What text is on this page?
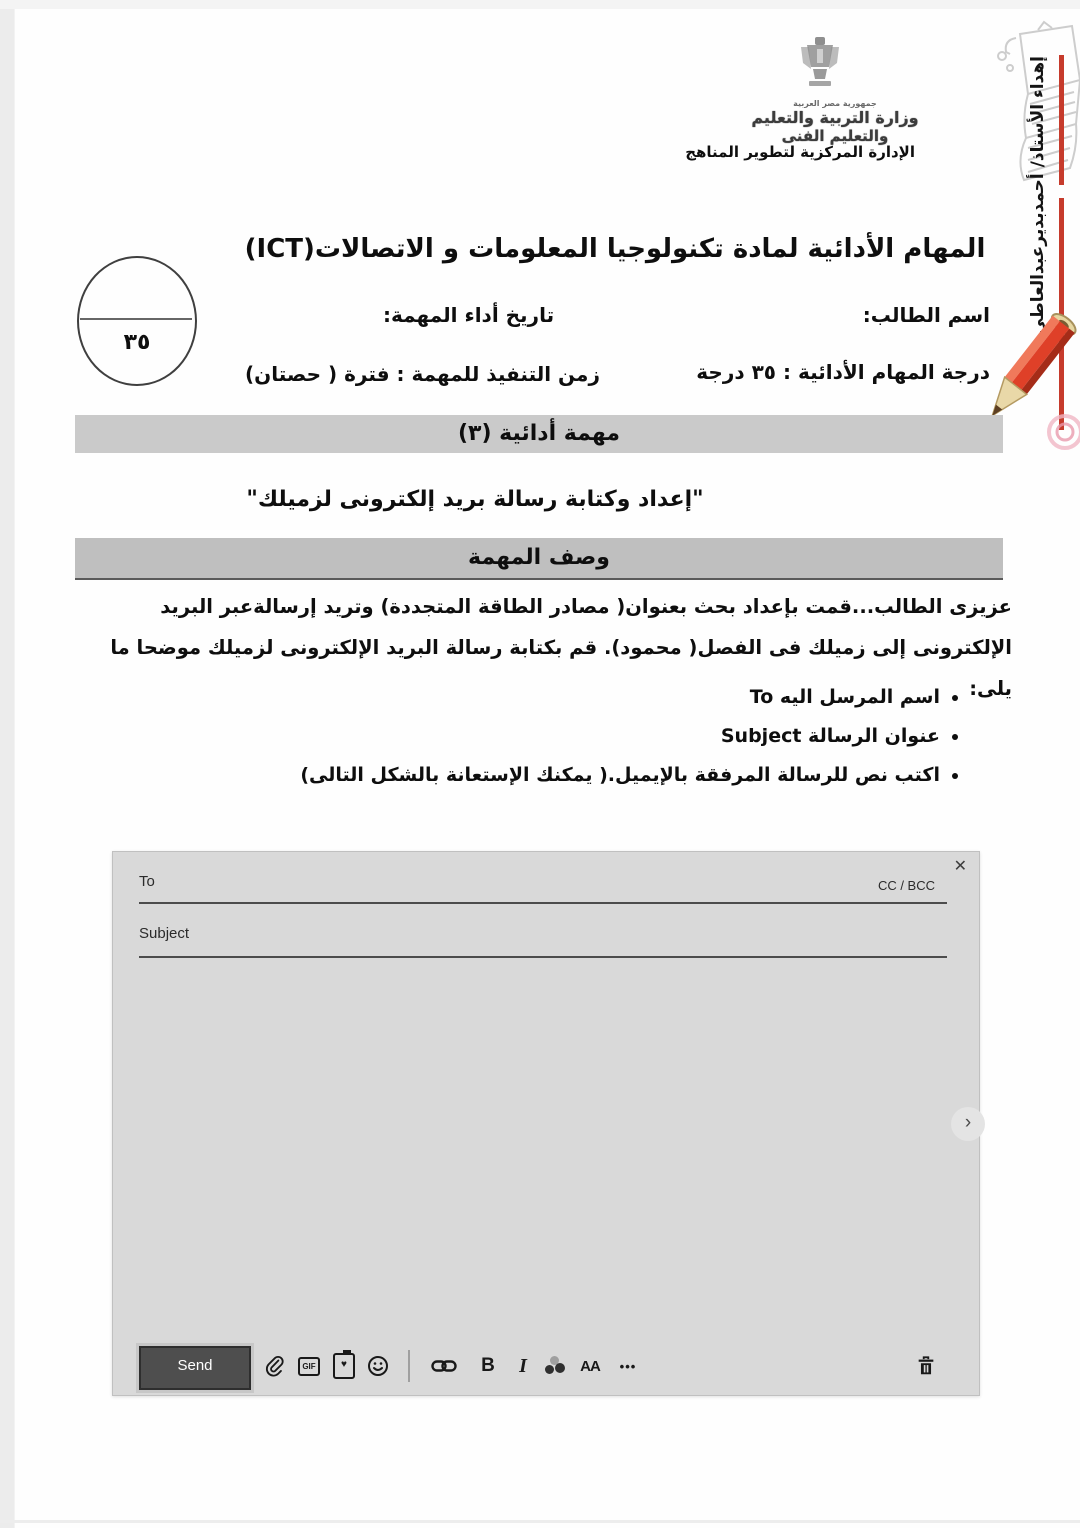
جمهورية مصر العربية
وزارة التربية والتعليم
والتعليم الفنى
الإدارة المركزية لتطوير المناهج	إهداء الأستاذ/ أحمدبديرعبدالعاطى
المهام الأدائية لمادة تكنولوجيا المعلومات و الاتصالات(ICT)
اسم الطالب:
تاريخ أداء المهمة:
درجة المهام الأدائية : ٣٥ درجة
زمن التنفيذ للمهمة : فترة ( حصتان)
٣٥
مهمة أدائية (٣)
"إعداد وكتابة رسالة بريد إلكترونى لزميلك"
وصف المهمة
عزيزى الطالب...قمت بإعداد بحث بعنوان( مصادر الطاقة المتجددة) وتريد إرسالةعبر البريد الإلكترونى إلى زميلك فى الفصل( محمود). قم بكتابة رسالة البريد الإلكترونى لزميلك موضحا ما يلى:
• اسم المرسل اليه To
• عنوان الرسالة Subject
• اكتب نص للرسالة المرفقة بالإيميل.( يمكنك الإستعانة بالشكل التالى)
✕
To	CC / BCC
Subject
›
Send	GIF	♥	B I	AA •••
